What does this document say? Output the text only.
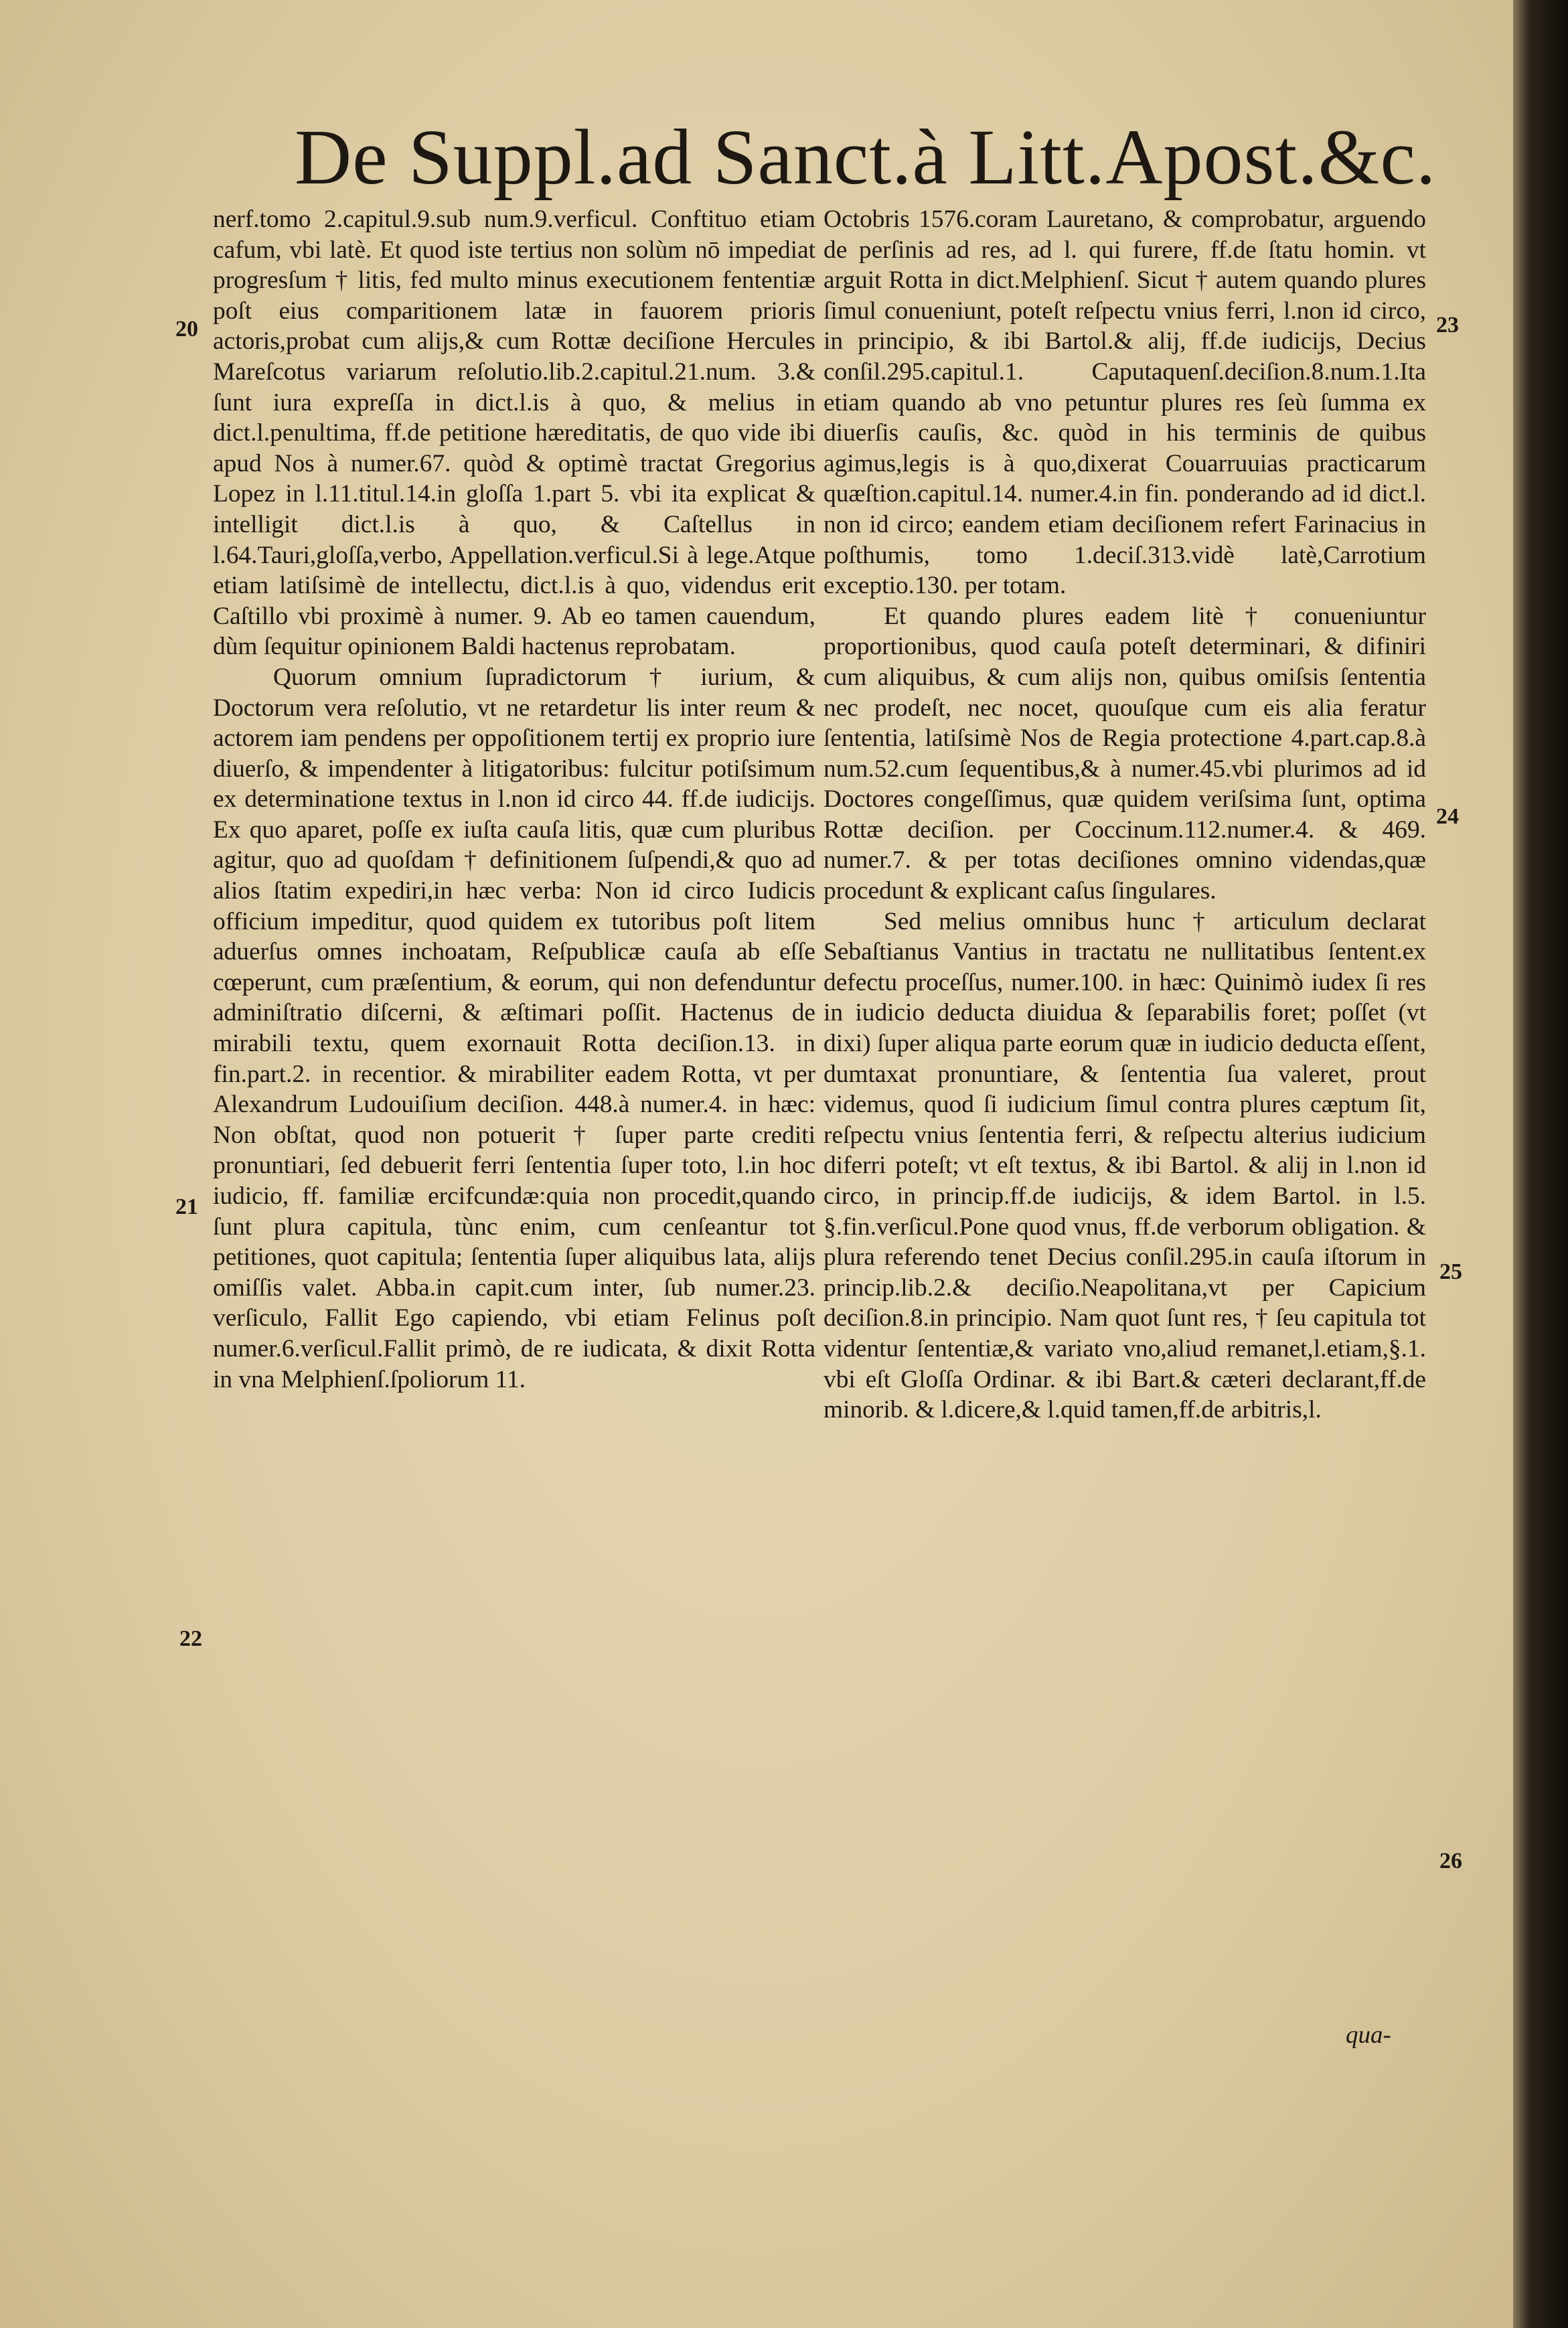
De Suppl.ad Sanct.à Litt.Apost.&c.

nerf.tomo 2.capitul.9.sub num.9.verficul. Conftituo etiam cafum, vbi latè. Et quod iste tertius non solùm nō impediat progresſum † litis, fed multo minus executionem fententiæ poſt eius comparitionem latæ in fauorem prioris actoris,probat cum alijs,& cum Rottæ deciſione Hercules Mareſcotus variarum reſolutio.lib.2.capitul.21.num. 3.& ſunt iura expreſſa in dict.l.is à quo, & melius in dict.l.penultima, ff.de petitione hæreditatis, de quo vide ibi apud Nos à numer.67. quòd & optimè tractat Gregorius Lopez in l.11.titul.14.in gloſſa 1.part 5. vbi ita explicat & intelligit dict.l.is à quo, & Caſtellus in l.64.Tauri,gloſſa,verbo, Appellation.verficul.Si à lege.Atque etiam latiſsimè de intellectu, dict.l.is à quo, videndus erit Caſtillo vbi proximè à numer. 9. Ab eo tamen cauendum, dùm ſequitur opinionem Baldi hactenus reprobatam.

Quorum omnium ſupradictorum † iurium, & Doctorum vera reſolutio, vt ne retardetur lis inter reum & actorem iam pendens per oppoſitionem tertij ex proprio iure diuerſo, & impendenter à litigatoribus: fulcitur potiſsimum ex determinatione textus in l.non id circo 44. ff.de iudicijs. Ex quo aparet, poſſe ex iuſta cauſa litis, quæ cum pluribus agitur, quo ad quoſdam † definitionem ſuſpendi,& quo ad alios ſtatim expediri,in hæc verba: Non id circo Iudicis officium impeditur, quod quidem ex tutoribus poſt litem aduerſus omnes inchoatam, Reſpublicæ cauſa ab eſſe cœperunt, cum præſentium, & eorum, qui non defenduntur adminiſtratio diſcerni, & æſtimari poſſit. Hactenus de mirabili textu, quem exornauit Rotta deciſion.13. in fin.part.2. in recentior. & mirabiliter eadem Rotta, vt per Alexandrum Ludouiſium deciſion. 448.à numer.4. in hæc: Non obſtat, quod non potuerit † ſuper parte crediti pronuntiari, ſed debuerit ferri ſententia ſuper toto, l.in hoc iudicio, ff. familiæ ercifcundæ:quia non procedit,quando ſunt plura capitula, tùnc enim, cum cenſeantur tot petitiones, quot capitula; ſententia ſuper aliquibus lata, alijs omiſſis valet. Abba.in capit.cum inter, ſub numer.23. verſiculo, Fallit Ego capiendo, vbi etiam Felinus poſt numer.6.verſicul.Fallit primò, de re iudicata, & dixit Rotta in vna Melphienſ.ſpoliorum 11.

Octobris 1576.coram Lauretano, & comprobatur, arguendo de perſinis ad res, ad l. qui furere, ff.de ſtatu homin. vt arguit Rotta in dict.Melphienſ. Sicut † autem quando plures ſimul conueniunt, poteſt reſpectu vnius ferri, l.non id circo, in principio, & ibi Bartol.& alij, ff.de iudicijs, Decius conſil.295.capitul.1. Caputaquenſ.deciſion.8.num.1.Ita etiam quando ab vno petuntur plures res ſeù ſumma ex diuerſis cauſis, &c. quòd in his terminis de quibus agimus,legis is à quo,dixerat Couarruuias practicarum quæſtion.capitul.14. numer.4.in fin. ponderando ad id dict.l. non id circo; eandem etiam deciſionem refert Farinacius in poſthumis, tomo 1.deciſ.313.vidè latè,Carrotium exceptio.130. per totam.

Et quando plures eadem litè † conueniuntur proportionibus, quod cauſa poteſt determinari, & difiniri cum aliquibus, & cum alijs non, quibus omiſsis ſententia nec prodeſt, nec nocet, quouſque cum eis alia feratur ſententia, latiſsimè Nos de Regia protectione 4.part.cap.8.à num.52.cum ſequentibus,& à numer.45.vbi plurimos ad id Doctores congeſſimus, quæ quidem veriſsima ſunt, optima Rottæ deciſion. per Coccinum.112.numer.4. & 469. numer.7. & per totas deciſiones omnino videndas,quæ procedunt & explicant caſus ſingulares.

Sed melius omnibus hunc † articulum declarat Sebaſtianus Vantius in tractatu ne nullitatibus ſentent.ex defectu proceſſus, numer.100. in hæc: Quinimò iudex ſi res in iudicio deducta diuidua & ſeparabilis foret; poſſet (vt dixi) ſuper aliqua parte eorum quæ in iudicio deducta eſſent, dumtaxat pronuntiare, & ſententia ſua valeret, prout videmus, quod ſi iudicium ſimul contra plures cæptum ſit, reſpectu vnius ſententia ferri, & reſpectu alterius iudicium diferri poteſt; vt eſt textus, & ibi Bartol. & alij in l.non id circo, in princip.ff.de iudicijs, & idem Bartol. in l.5. §.fin.verſicul.Pone quod vnus, ff.de verborum obligation. & plura referendo tenet Decius conſil.295.in cauſa iſtorum in princip.lib.2.& deciſio.Neapolitana,vt per Capicium deciſion.8.in principio. Nam quot ſunt res, † ſeu capitula tot videntur ſententiæ,& variato vno,aliud remanet,l.etiam,§.1. vbi eſt Gloſſa Ordinar. & ibi Bart.& cæteri declarant,ff.de minorib. & l.dicere,& l.quid tamen,ff.de arbitris,l.

qua-
20
21
22
23
24
25
26
